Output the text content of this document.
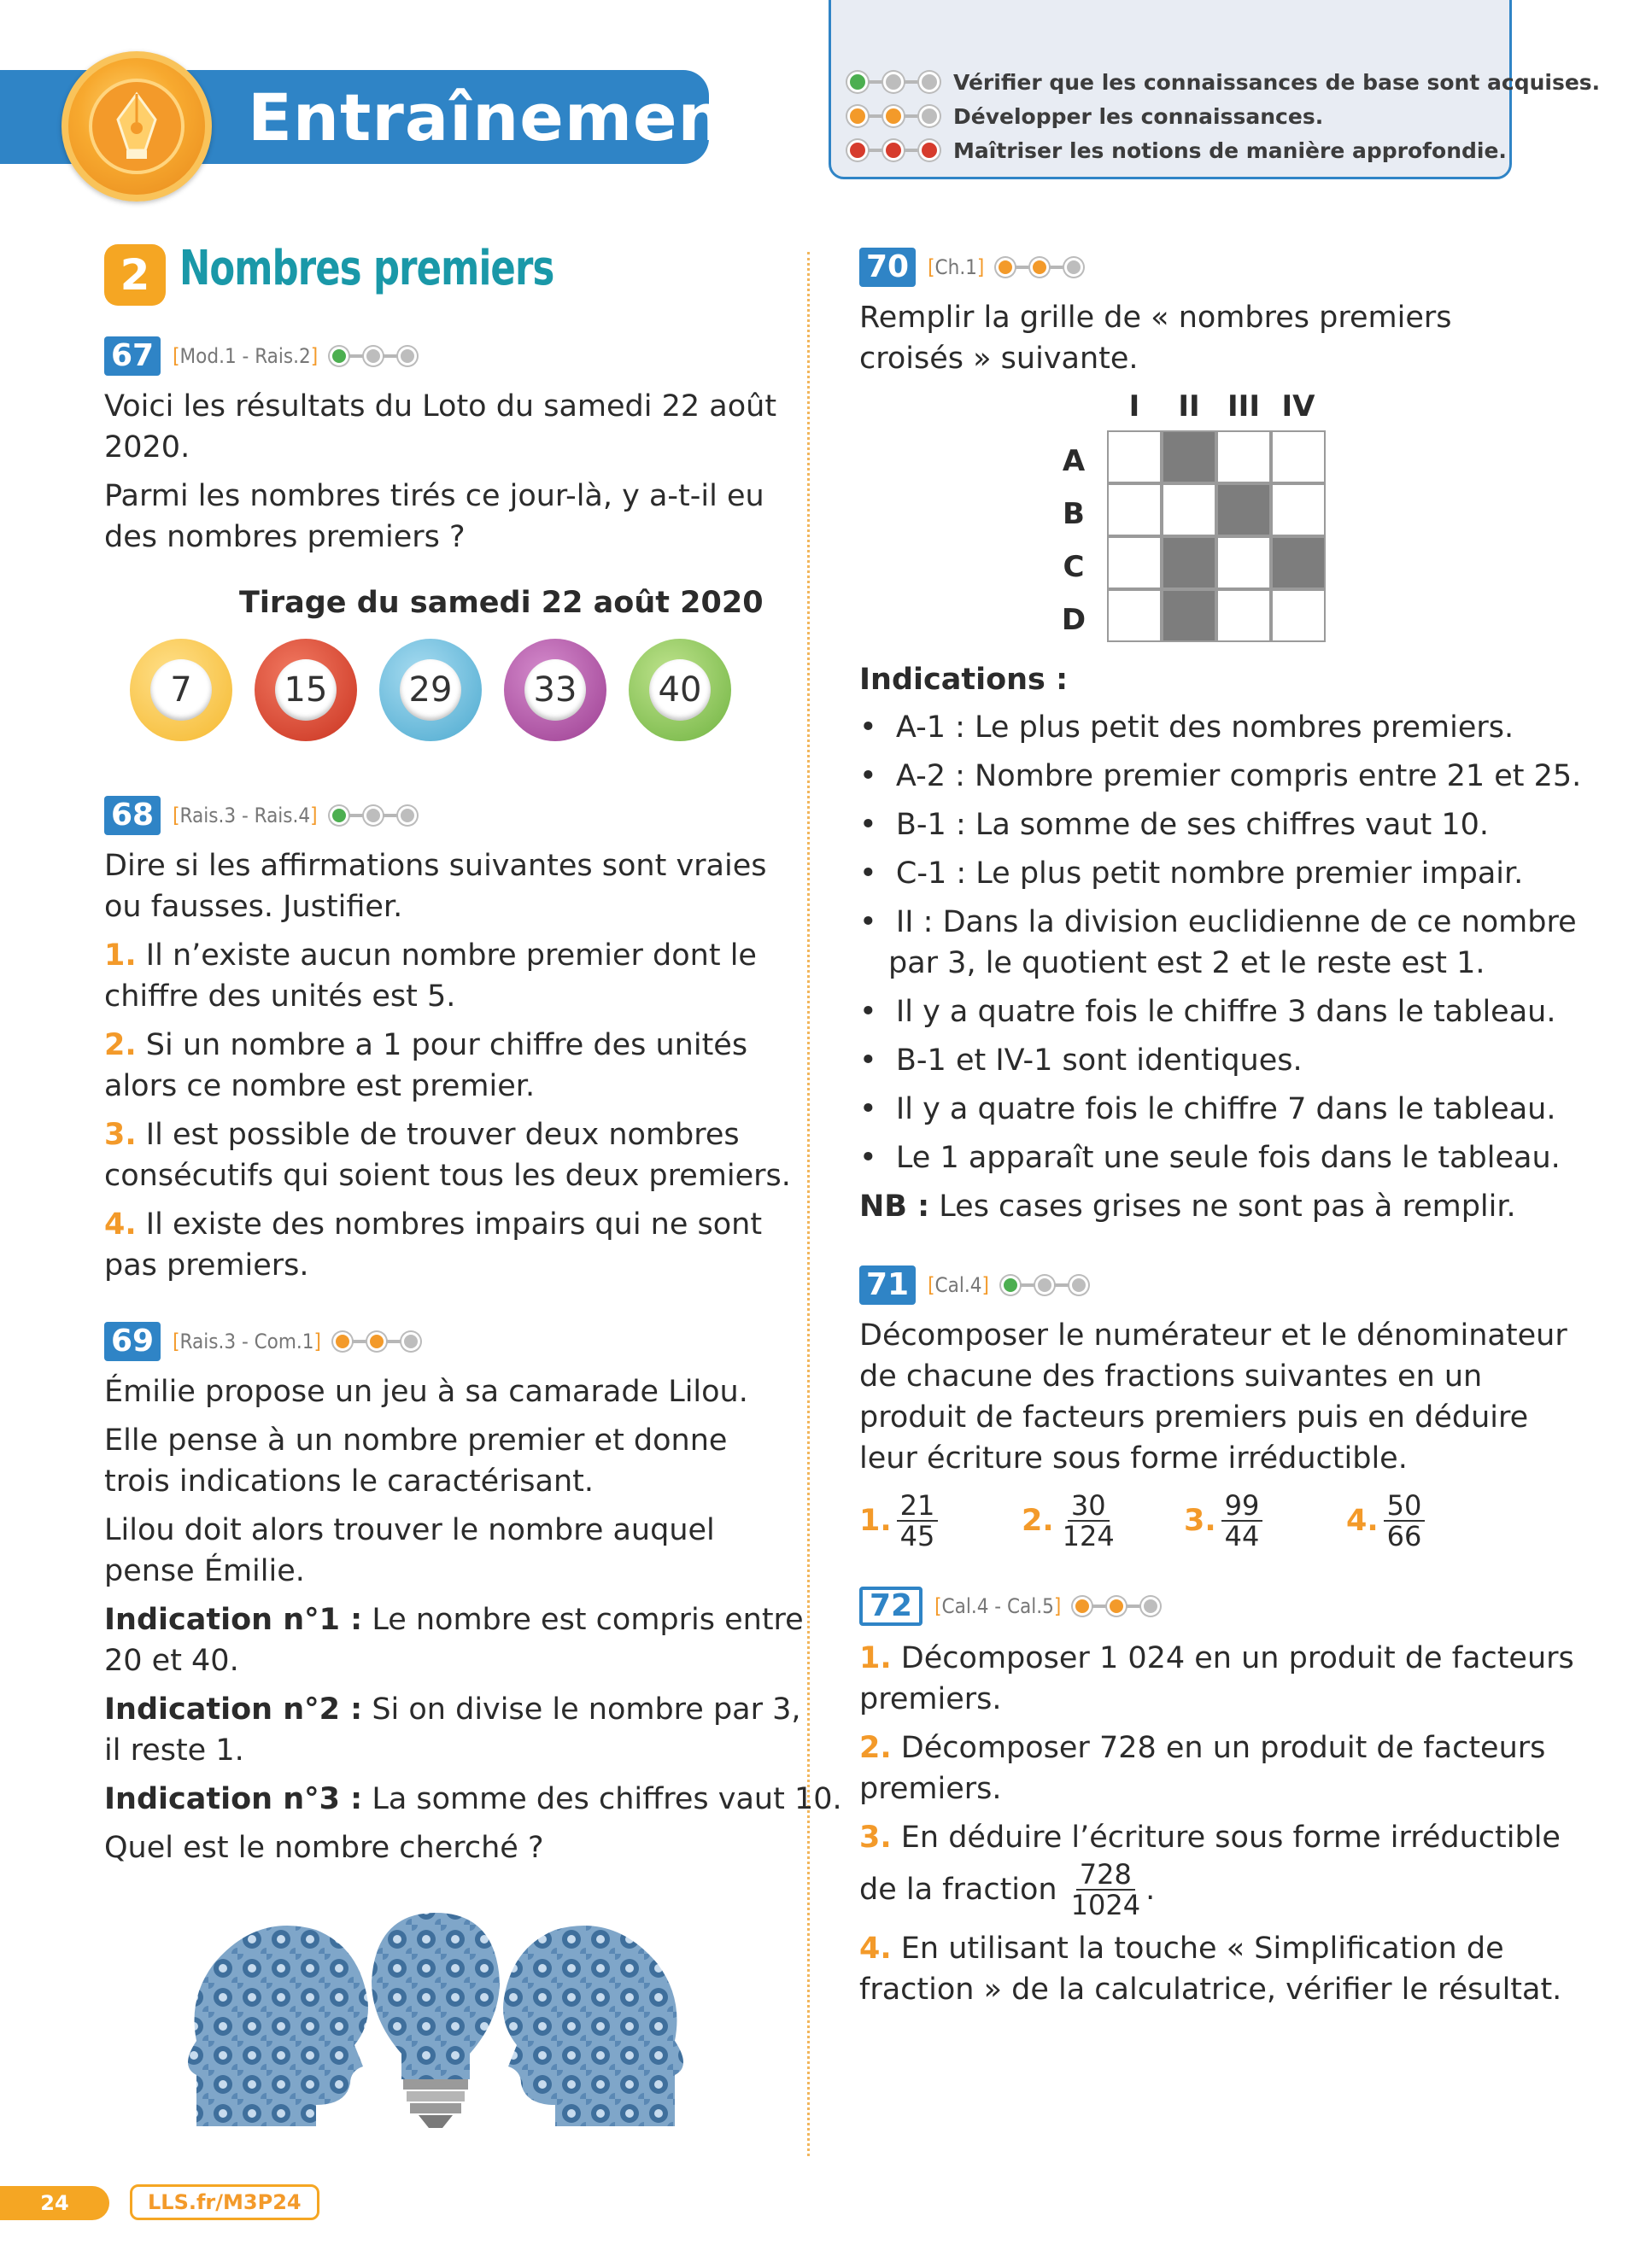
Entraînement	Vérifier que les connaissances de base sont acquises.
Développer les connaissances.
Maîtriser les notions de manière approfondie.
2 Nombres premiers
67 [Mod.1 - Rais.2]
Voici les résultats du Loto du samedi 22 août
2020.
Parmi les nombres tirés ce jour-là, y a-t-il eu
des nombres premiers ?
Tirage du samedi 22 août 2020
7	15 29 33 40
68 [Rais.3 - Rais.4]
Dire si les affirmations suivantes sont vraies
ou fausses. Justifier.
1. Il n’existe aucun nombre premier dont le
chiffre des unités est 5.
2. Si un nombre a 1 pour chiffre des unités
alors ce nombre est premier.
3. Il est possible de trouver deux nombres
consécutifs qui soient tous les deux premiers.
4. Il existe des nombres impairs qui ne sont
pas premiers.
69 [Rais.3 - Com.1]
Émilie propose un jeu à sa camarade Lilou.
Elle pense à un nombre premier et donne
trois indications le caractérisant.
Lilou doit alors trouver le nombre auquel
pense Émilie.
Indication n°1 : Le nombre est compris entre
20 et 40.
Indication n°2 : Si on divise le nombre par 3,
il reste 1.
Indication n°3 : La somme des chiffres vaut 10.
Quel est le nombre cherché ?
70 [Ch.1]
Remplir la grille de « nombres premiers
croisés » suivante.
I	II III IV
A
B
C
D
Indications :
•  A-1 : Le plus petit des nombres premiers.
•  A-2 : Nombre premier compris entre 21 et 25.
•  B-1 : La somme de ses chiffres vaut 10.
•  C-1 : Le plus petit nombre premier impair.
•  II : Dans la division euclidienne de ce nombre
par 3, le quotient est 2 et le reste est 1.
•  Il y a quatre fois le chiffre 3 dans le tableau.
•  B-1 et IV-1 sont identiques.
•  Il y a quatre fois le chiffre 7 dans le tableau.
•  Le 1 apparaît une seule fois dans le tableau.
NB : Les cases grises ne sont pas à remplir.
71 [Cal.4]
Décomposer le numérateur et le dénominateur
de chacune des fractions suivantes en un
produit de facteurs premiers puis en déduire
leur écriture sous forme irréductible.
1. $\frac{21}{45}$	2. $\frac{30}{124} 3$. $\frac{99}{44}$	4. $\frac{50}{66}$
72	[Cal.4 - Cal.5]
1. Décomposer 1 024 en un produit de facteurs
premiers.
2. Décomposer 728 en un produit de facteurs
premiers.
3. En déduire l’écriture sous forme irréductible
de la fraction $\frac{728}{1024}$ .
4. En utilisant la touche « Simplification de
fraction » de la calculatrice, vérifier le résultat.
24	LLS.fr/M3P24
